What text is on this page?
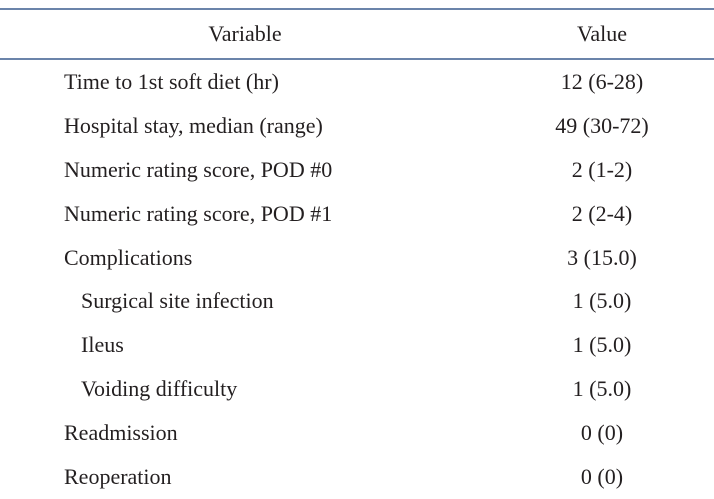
Variable	Value
Time to 1st soft diet (hr)	12 (6-28)
Hospital stay, median (range)	49 (30-72)
Numeric rating score, POD #0	2 (1-2)
Numeric rating score, POD #1	2 (2-4)
Complications	3 (15.0)
Surgical site infection	1 (5.0)
Ileus	1 (5.0)
Voiding difficulty	1 (5.0)
Readmission	0 (0)
Reoperation	0 (0)
